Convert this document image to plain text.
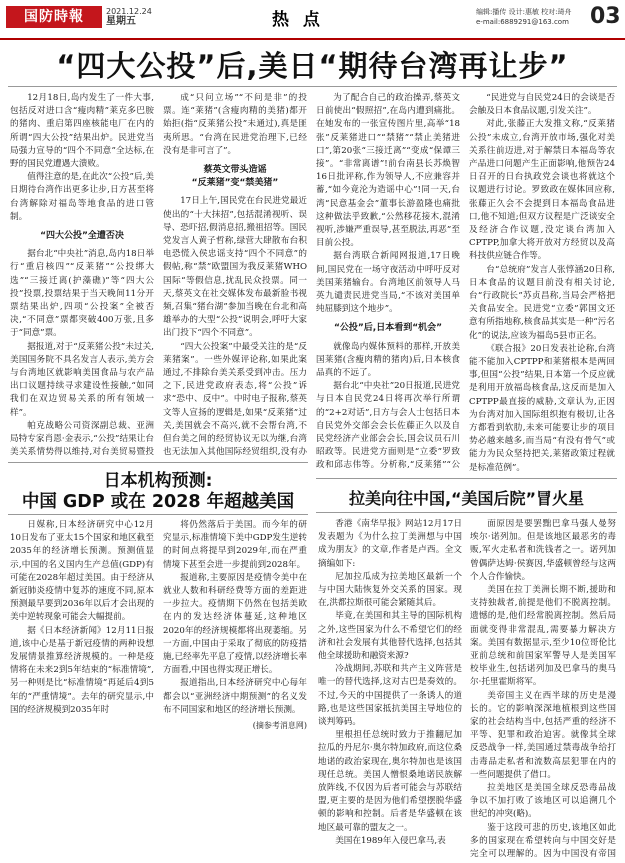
国防時報	2021.12.24
星期五	热 点	编辑:播传 设计:惠敏 校对:琦舟
e-mail:6889291@163.com 03
“四大公投”后,美日“期待台湾再让步”

12月18日,岛内发生了一件大事,包括反对进口含“瘦肉精”莱克多巴胺的猪肉、重启第四座核能电厂在内的所谓“四大公投”结果出炉。民进党当局强力宣导的“四个不同意”全达标,在野的国民党遭遇大溃败。

值得注意的是,在此次“公投”后,美日期待台湾作出更多让步,日方甚至将台湾解除对福岛等地食品的进口管制。

“四大公投”全遭否决

据台北“中央社”消息,岛内18日举行“重启核四”“反莱猪”“公投绑大选”“三接迁离(护藻礁)”等“四大公投”投票,投票结果于当天晚间11分开票结果出炉,四项“公投案”全被否决,“不同意”票都突破400万张,且多于“同意”票。

据报道,对于“反莱猪公投”未过关,美国国务院不具名发言人表示,美方会与台湾地区就影响美国食品与农产品出口议题持续寻求建设性接触,“如同我们在双边贸易关系的所有领域一样”。

帕克战略公司资深副总裁、亚洲局特专家肖恩·金表示,“公投”结果让台美关系情势得以维持,对台美贸易暨投

成“只问立场”“不问是非”的投票。连“莱猪”(含瘦肉精的美猪)都开始拒(指“反莱猪公投”未通过),真是匪夷所思。“台湾在民进党治理下,已经没有是非可言了”。

蔡英文带头造谣
“反莱猪”变“禁美猪”

17日上午,国民党在台民进党最近使出的“十大抹招”,包括混淆视听、误导、恐吓招,假消息招,搬祖招等。国民党发言人黄子哲称,绿营大肆散布台积电恐慌入侯忠谣支持“四个不同意”的假帖,称“禁”欧盟国为我反莱猪WHO国际“等假信息,扰乱民众投票。同一天,蔡英文在社交媒体发布最新脸书视频,召集“猪台湖”参加当晚在台北和高雄举办的大型“公投”说明会,呼吁大家出门投下“四个不同意”。

“四大公投案”中最受关注的是“反莱猪案”。一些外媒评论称,如果此案通过,不排除台美关系受到冲击。压力之下,民进党政府表态,将“公投”诉求“恐中、反中”。中时电子报称,蔡英文等人宣扬的逻辑是,如果“反莱猪”过关,美国就会不高兴,就不会帮台湾,不但台美之间的经贸协议无以为继,台湾也无法加入其他国际经贸组织,没有办

为了配合自己的政治操弄,蔡英文日前使出“假照招”,在岛内遭到痛批。在她发布的一张宣传图片里,高举“18张”反莱猪进口”“禁猪”“禁止美猪进口”,第20张“三接迁离”“变成“保谭三接”。“非常离谱”!前台南县长苏焕智16日批评称,作为领导人,不应兼容并蓄,“如今竟沦为造谣中心”!同一天,台湾“民意基金会”董事长游盈隆也痛批这种做法乎致歉,“公然移花接木,混淆视听,涉嫌严重误导,甚至脱法,再恶”至目前公投。

据台湾联合新闻网报道,17日晚间,国民党在一场守夜活动中呼吁反对美国莱猪输台。台湾地区前领导人马英九谴责民进党当局,“不该对美国单纯屈膝到这个地步”。

“公投”后,日本看到“机会”

就像岛内媒体预料的那样,开放美国莱猪(含瘦肉精的猪肉)后,日本核食品真的不远了。

据台北“中央社”20日报道,民进党与日本自民党24日将再次举行所谓的“2+2对话”,日方与会人士包括日本自民党外交部会会长佐藤正久以及自民党经济产业部会会长,国会议员石川昭政等。民进党方面则是“立委”罗致政和邱志伟等。分析称,“反莱猪”“公

“民进党与自民党24日的会谈是否会触及日本食品议题,引发关注”。

对此,张藤正大发推文称,“反莱猪公投”未成立,台湾开放市场,强化对美关系往前迈进,对于解禁日本福岛等农产品进口问题产生正面影响,他预告24日召开的日台执政党会谈也将就这个议题进行讨论。罗致政在媒体回应称,张藤正久会不会提到日本福岛食品进口,他不知道;但双方议程是广泛谈安全及经济合作议题,没定谈台湾加入CPTPP,加拿大将开放对方经贸以及高科技供应链合作等。

台“总统府”发言人张惇涵20日称,日本食品的议题目前没有相关讨论,台“行政院长”苏贞昌称,当局会严格把关食品安全。民进党“立委”郭国文还意有所指地称,核食品其实是一种“污名化”的说法,应该为福岛5县市正名。

《联合报》20日发表社论称,台湾能不能加入CPTPP和莱猪根本是两回事,但国“公投”结果,日本第一个反应就是利用开放福岛核食品,这反而是加入CPTPP最直接的威胁,文章认为,正因为台湾对加入国际组织抱有极切,让各方都看到软肋,未来可能要让步的项目势必越来越多,而当局“有没有骨气”或能力为民众坚持把关,莱猪政策过程就是标准范例”。

日本机构预测:
中国 GDP 或在 2028 年超越美国

日媒称,日本经济研究中心12月10日发布了亚太15个国家和地区截至2035年的经济增长预测。预测值显示,中国的名义国内生产总值(GDP)有可能在2028年超过美国。由于经济从新冠肺炎疫情中复苏的速度不同,原本预测最早要到2036年以后才会出现的美中逆转现象可能会大幅提前。

据《日本经济新闻》12月11日报道,该中心是基于新冠疫情的两种设想发展情景推算经济规模的。一种是疫情将在未来2到5年结束的“标准情境”,另一种则是比“标准情境”再延后4到5年的“严重情境”。去年的研究显示,中国的经济规模到2035年时

将仍然落后于美国。而今年的研究显示,标准情境下美中GDP发生逆转的时间点将提早到2029年,而在严重情境下甚至会进一步提前到2028年。

报道称,主要原因是疫情令美中在就业人数和科研经费等方面的差距进一步拉大。疫情期下仍然在包括美欧在内的发达经济体蔓延,这种地区2020年的经济规模都将出现萎缩。另一方面,中国由于采取了彻底的防疫措施,已经率先平息了疫情,以经济增长率方面看,中国也得实现正增长。

报道指出,日本经济研究中心每年都会以“亚洲经济中期预测”的名义发布不同国家和地区的经济增长预测。

(摘参考消息网)
拉美向往中国,“美国后院”冒火星

香港《南华早报》网站12月17日发表题为《为什么拉丁美洲想与中国成为朋友》的文章,作者是卢西。全文摘编如下:

尼加拉瓜成为拉美地区最新一个与中国大陆恢复外交关系的国家。现在,洪都拉斯很可能会紧随其后。

毕竟,在美国和其主导的国际机构之外,这些国家为什么不希望它们的经济和社会发展有其他替代选择,包括其他全球援助和融资来源?

冷战期间,苏联和共产主义阵营是唯一的替代选择,这对古巴是奏效的。不过,今天的中国提供了一条诱人的道路,也是这些国家抵抗美国主导地位的谈判筹码。

里根担任总统时致力于推翻尼加拉瓜的丹尼尔·奥尔特加政府,而这位桑地诺的政治家现在,奥尔特加也是该国现任总统。美国人憎恨桑地诺民族解放阵线,不仅因为后者可能会与苏联结盟,更主要的是因为他们希望摆脱华盛顿的影响和控制。后者是华盛顿在该地区最可靠的盟友之一。

美国在1989年入侵巴拿马,表

面原因是要罢黜巴拿马强人曼努埃尔·诺列加。但是该地区最恶劣的毒贩,军火走私者和洗钱者之一。诺列加曾偶萨达姆·侯赛因,华盛顿曾经与这两个人合作愉快。

美国在拉丁美洲长期不断,援助和支持独裁者,前提是他们不脱离控制。遗憾的是,他们经常脱离控制。然后局面就变得非常混乱,需要暴力解决方案。美国有数据显示,至少10位哥伦比亚前总统和前国家军警导人是美国军校毕业生,包括诺列加及巴拿马的奥马尔·托里霍斯将军。

美帝国主义在西半球的历史是漫长的。它的影响深深地植根到这些国家的社会结构当中,包括严重的经济不平等、犯罪和政治迫害。就像其全球反恐战争一样,美国通过禁毒战争给打击毒品走私者和流数高层犯罪在内的一些问题提供了借口。

拉美地区是美国全球反恐毒品战争以不加打败了该地区可以追溯几个世纪的冲突(略)。

鉴于这段可悲的历史,该地区如此多的国家现在希望转向与中国交好是完全可以理解的。因为中国没有帝国
